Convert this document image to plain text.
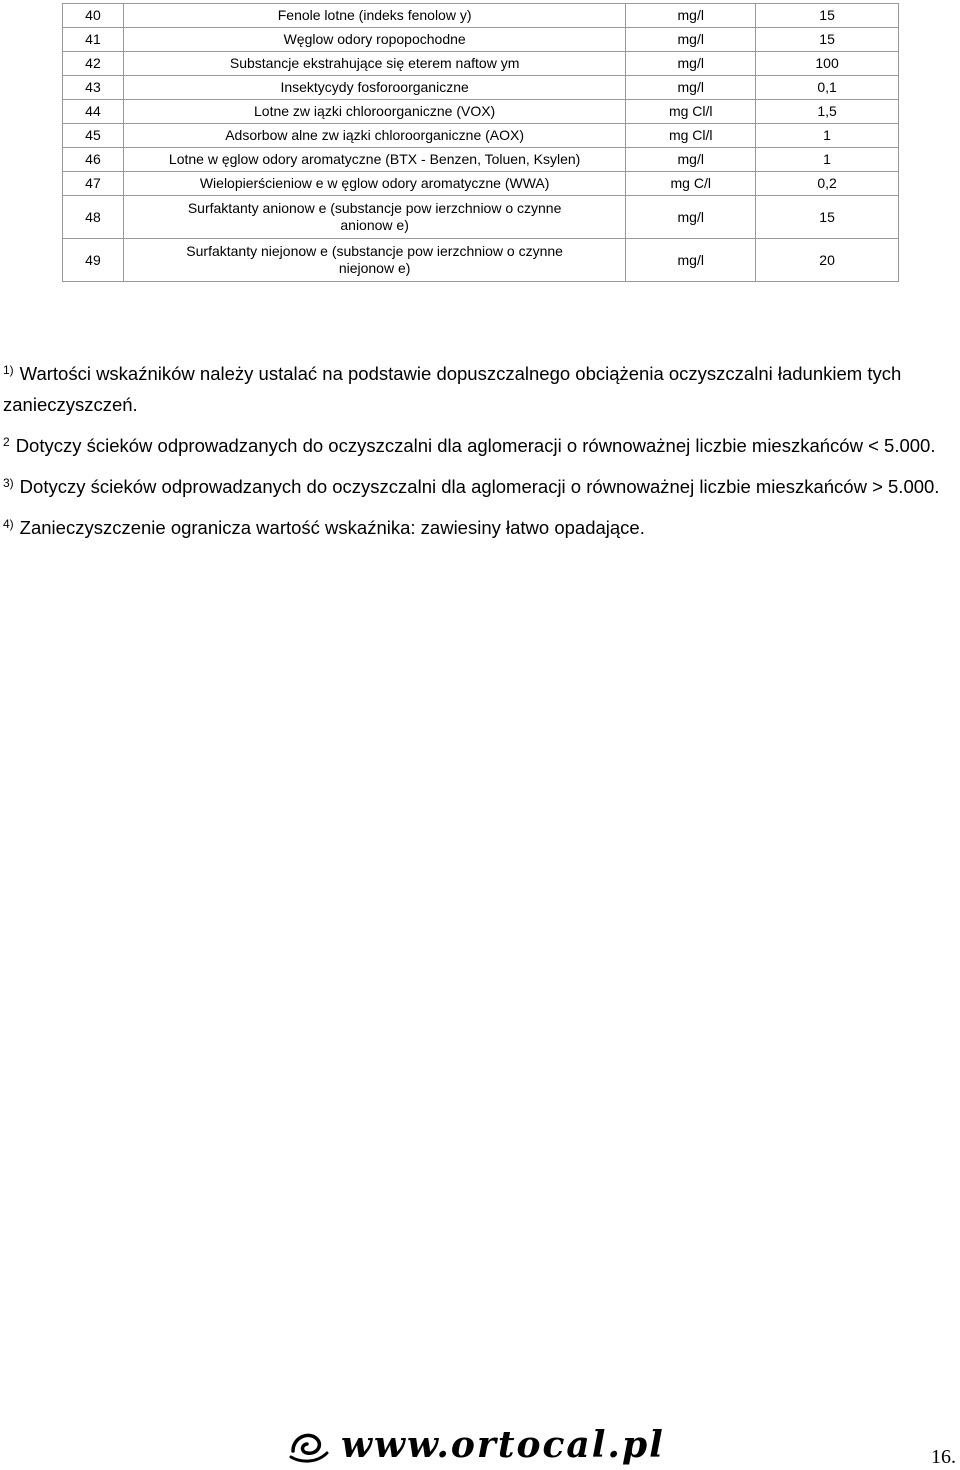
40	Fenole lotne (indeks fenolow y)	mg/l	15
41	Węglow odory ropopochodne	mg/l	15
42	Substancje ekstrahujące się eterem naftow ym	mg/l	100
43	Insektycydy fosforoorganiczne	mg/l	0,1
44	Lotne zw iązki chloroorganiczne (VOX)	mg Cl/l	1,5
45	Adsorbow alne zw iązki chloroorganiczne (AOX)	mg Cl/l	1
46	Lotne w ęglow odory aromatyczne (BTX - Benzen, Toluen, Ksylen)	mg/l	1
47	Wielopierścieniow e w ęglow odory aromatyczne (WWA)	mg C/l	0,2
48	Surfaktanty anionow e (substancje pow ierzchniow o czynne
anionow e)	mg/l	15
49	Surfaktanty niejonow e (substancje pow ierzchniow o czynne
niejonow e)	mg/l	20

$^{1)}$ Wartości wskaźników należy ustalać na podstawie dopuszczalnego obciążenia oczyszczalni ładunkiem tych zanieczyszczeń.

$^2$ Dotyczy ścieków odprowadzanych do oczyszczalni dla aglomeracji o równoważnej liczbie mieszkańców < 5.000.

$^{3)}$ Dotyczy ścieków odprowadzanych do oczyszczalni dla aglomeracji o równoważnej liczbie mieszkańców > 5.000.

$^{4)}$ Zanieczyszczenie ogranicza wartość wskaźnika: zawiesiny łatwo opadające.

www.ortocal.pl	16.
